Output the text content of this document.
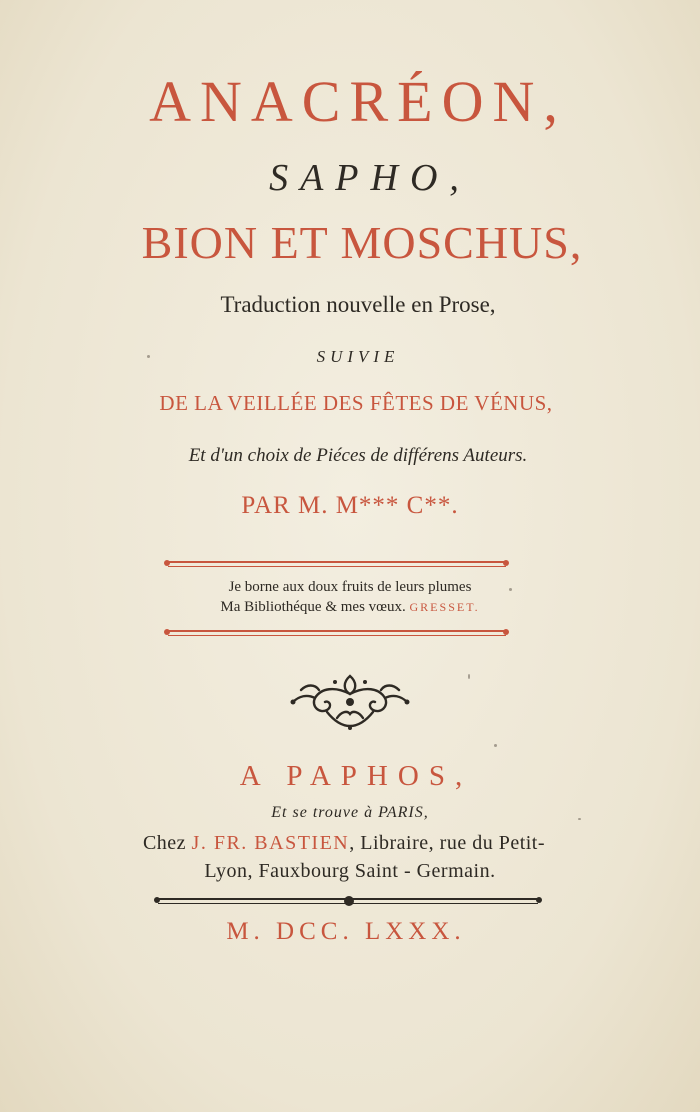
ANACRÉON,
SAPHO,
BION ET MOSCHUS,
Traduction nouvelle en Prose,
SUIVIE
DE LA VEILLÉE DES FÊTES DE VÉNUS,
Et d'un choix de Piéces de différens Auteurs.
PAR M. M*** C**.
Je borne aux doux fruits de leurs plumes
Ma Bibliothéque & mes vœux. GRESSET.
A PAPHOS,
Et se trouve à PARIS,
Chez J. FR. BASTIEN, Libraire, rue du Petit-
Lyon, Fauxbourg Saint - Germain.
M. DCC. LXXX.
